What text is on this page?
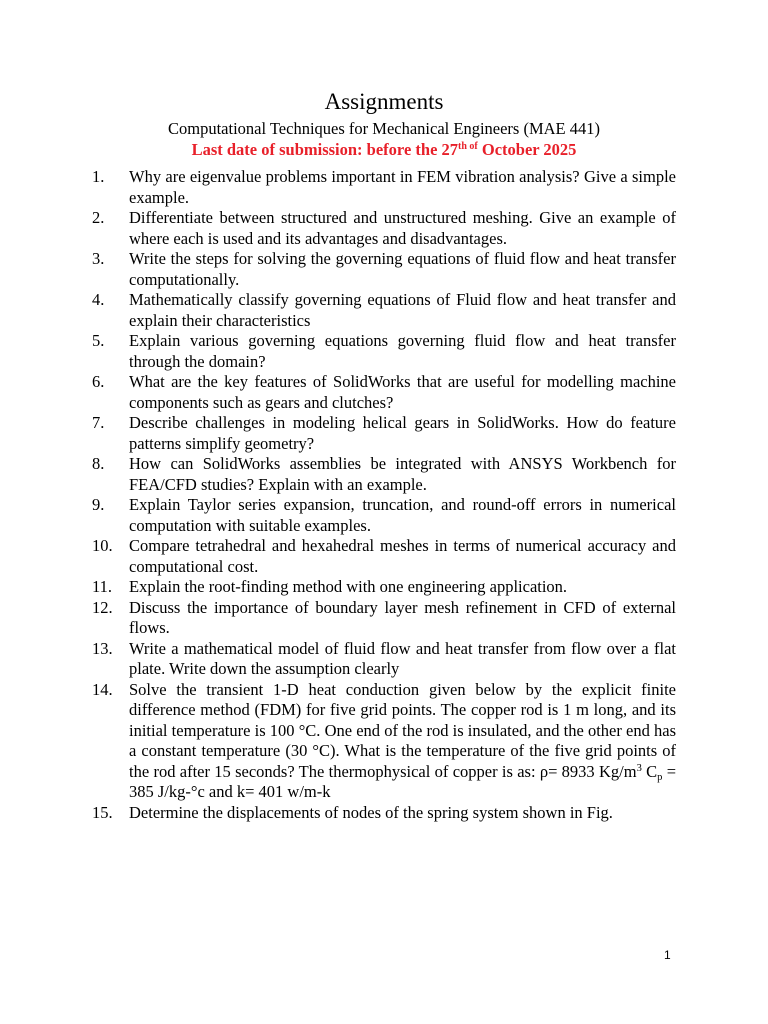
Assignments
Computational Techniques for Mechanical Engineers (MAE 441)
Last date of submission: before the $27^{th of}$ October 2025
1.	Why are eigenvalue problems important in FEM vibration analysis? Give a simple example.
2.	Differentiate between structured and unstructured meshing. Give an example of where each is used and its advantages and disadvantages.
3.	Write the steps for solving the governing equations of fluid flow and heat transfer computationally.
4.	Mathematically classify governing equations of Fluid flow and heat transfer and explain their characteristics
5.	Explain various governing equations governing fluid flow and heat transfer through the domain?
6.	What are the key features of SolidWorks that are useful for modelling machine components such as gears and clutches?
7.	Describe challenges in modeling helical gears in SolidWorks. How do feature patterns simplify geometry?
8.	How can SolidWorks assemblies be integrated with ANSYS Workbench for FEA/CFD studies? Explain with an example.
9.	Explain Taylor series expansion, truncation, and round-off errors in numerical computation with suitable examples.
10. Compare tetrahedral and hexahedral meshes in terms of numerical accuracy and computational cost.
11.	Explain the root-finding method with one engineering application.
12. Discuss the importance of boundary layer mesh refinement in CFD of external flows.
13. Write a mathematical model of fluid flow and heat transfer from flow over a flat plate. Write down the assumption clearly
14. Solve the transient 1-D heat conduction given below by the explicit finite difference method (FDM) for five grid points. The copper rod is 1 m long, and its initial temperature is 100 °C. One end of the rod is insulated, and the other end has a constant temperature (30 °C). What is the temperature of the five grid points of the rod after 15 seconds? The thermophysical of copper is as: ρ= 8933 $Kg/m^3$ $C_p = 385$ J/kg-°c and k= 401 w/m-k
15. Determine the displacements of nodes of the spring system shown in Fig.
1
